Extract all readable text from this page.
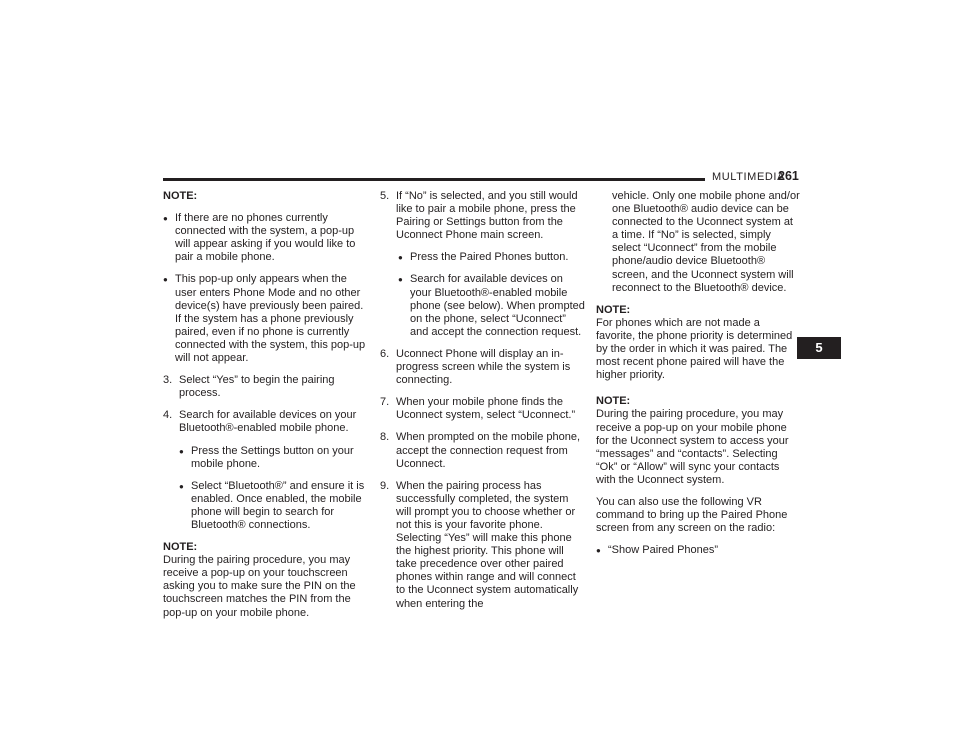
MULTIMEDIA
261
5

NOTE:

● If there are no phones currently connected with the system, a pop-up will appear asking if you would like to pair a mobile phone.

● This pop-up only appears when the user enters Phone Mode and no other device(s) have previously been paired. If the system has a phone previously paired, even if no phone is currently connected with the system, this pop-up will not appear.

3. Select “Yes” to begin the pairing process.

4. Search for available devices on your Bluetooth®-enabled mobile phone.

● Press the Settings button on your mobile phone.

● Select “Bluetooth®” and ensure it is enabled. Once enabled, the mobile phone will begin to search for Bluetooth® connections.

NOTE:

During the pairing procedure, you may receive a pop-up on your touchscreen asking you to make sure the PIN on the touchscreen matches the PIN from the pop-up on your mobile phone.

5. If “No” is selected, and you still would like to pair a mobile phone, press the Pairing or Settings button from the Uconnect Phone main screen.

● Press the Paired Phones button.

● Search for available devices on your Bluetooth®-enabled mobile phone (see below). When prompted on the phone, select “Uconnect” and accept the connection request.

6. Uconnect Phone will display an in-progress screen while the system is connecting.

7. When your mobile phone finds the Uconnect system, select “Uconnect.”

8. When prompted on the mobile phone, accept the connection request from Uconnect.

9. When the pairing process has successfully completed, the system will prompt you to choose whether or not this is your favorite phone. Selecting “Yes” will make this phone the highest priority. This phone will take precedence over other paired phones within range and will connect to the Uconnect system automatically when entering the

vehicle. Only one mobile phone and/or one Bluetooth® audio device can be connected to the Uconnect system at a time. If “No” is selected, simply select “Uconnect” from the mobile phone/audio device Bluetooth® screen, and the Uconnect system will reconnect to the Bluetooth® device.

NOTE:

For phones which are not made a favorite, the phone priority is determined by the order in which it was paired. The most recent phone paired will have the higher priority.

NOTE:

During the pairing procedure, you may receive a pop-up on your mobile phone for the Uconnect system to access your “messages” and “contacts”. Selecting “Ok” or “Allow” will sync your contacts with the Uconnect system.

You can also use the following VR command to bring up the Paired Phone screen from any screen on the radio:

● “Show Paired Phones”
